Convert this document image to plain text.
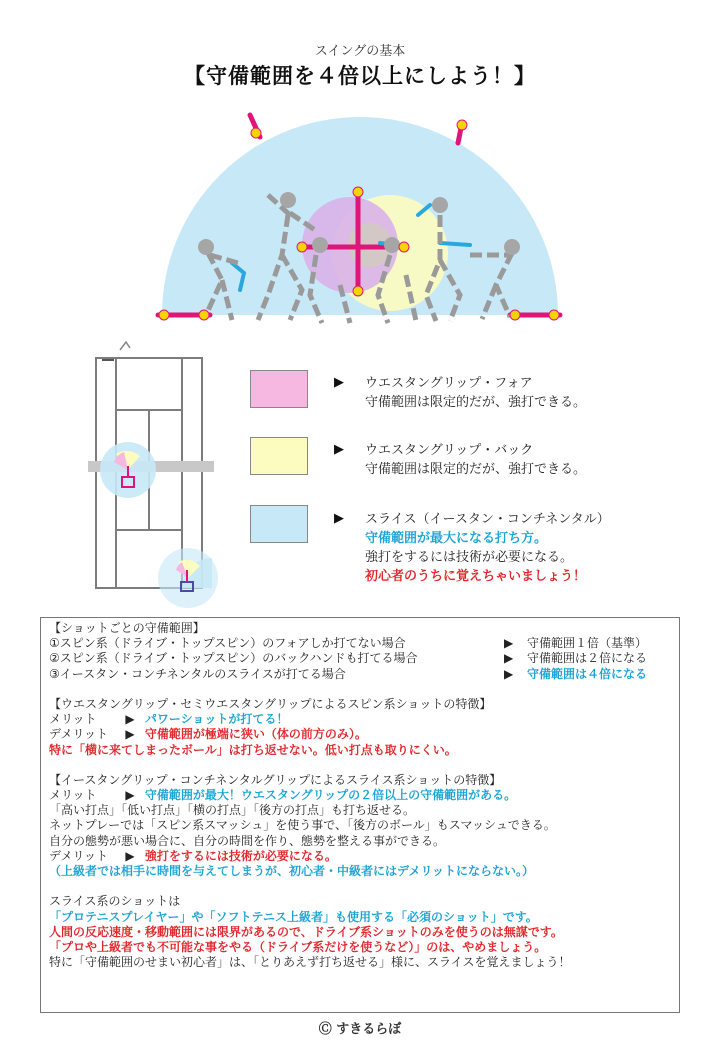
スイングの基本
【守備範囲を４倍以上にしよう！】
▶ ウエスタングリップ・フォア
守備範囲は限定的だが、強打できる。
▶ ウエスタングリップ・バック
守備範囲は限定的だが、強打できる。
▶ スライス（イースタン・コンチネンタル）
守備範囲が最大になる打ち方。
強打をするには技術が必要になる。
初心者のうちに覚えちゃいましょう！
【ショットごとの守備範囲】
①スピン系（ドライブ・トップスピン）のフォアしか打てない場合	▶ 守備範囲１倍（基準）
②スピン系（ドライブ・トップスピン）のバックハンドも打てる場合	▶ 守備範囲は２倍になる
③イースタン・コンチネンタルのスライスが打てる場合	▶ 守備範囲は４倍になる
【ウエスタングリップ・セミウエスタングリップによるスピン系ショットの特徴】
メリット ▶ パワーショットが打てる！
デメリット ▶ 守備範囲が極端に狭い（体の前方のみ）。
特に「横に来てしまったボール」は打ち返せない。低い打点も取りにくい。
【イースタングリップ・コンチネンタルグリップによるスライス系ショットの特徴】
メリット ▶ 守備範囲が最大！ウエスタングリップの２倍以上の守備範囲がある。
「高い打点」「低い打点」「横の打点」「後方の打点」も打ち返せる。
ネットプレーでは「スピン系スマッシュ」を使う事で、「後方のボール」もスマッシュできる。
自分の態勢が悪い場合に、自分の時間を作り、態勢を整える事ができる。
デメリット ▶ 強打をするには技術が必要になる。
（上級者では相手に時間を与えてしまうが、初心者・中級者にはデメリットにならない。）
スライス系のショットは
「プロテニスプレイヤー」や「ソフトテニス上級者」も使用する「必須のショット」です。
人間の反応速度・移動範囲には限界があるので、ドライブ系ショットのみを使うのは無謀です。
「プロや上級者でも不可能な事をやる（ドライブ系だけを使うなど）」のは、やめましょう。
特に「守備範囲のせまい初心者」は、「とりあえず打ち返せる」様に、スライスを覚えましょう！
Ⓒ すきるらぼ
